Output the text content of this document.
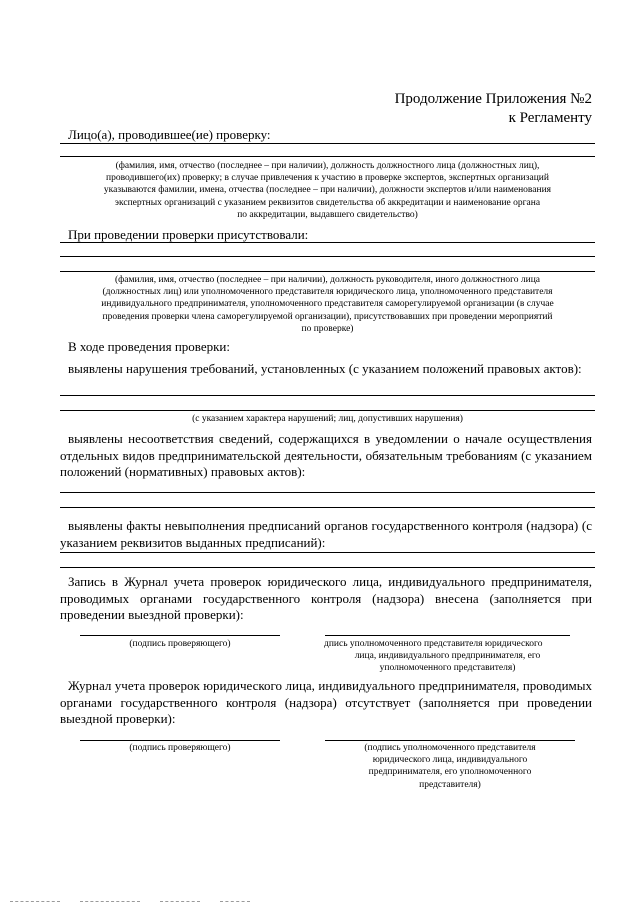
Продолжение Приложения №2
к Регламенту
Лицо(а), проводившее(ие) проверку:
(фамилия, имя, отчество (последнее – при наличии), должность должностного лица (должностных лиц),
проводившего(их) проверку; в случае привлечения к участию в проверке экспертов, экспертных организаций
указываются фамилии, имена, отчества (последнее – при наличии), должности экспертов и/или наименования
экспертных организаций с указанием реквизитов свидетельства об аккредитации и наименование органа
по аккредитации, выдавшего свидетельство)
При проведении проверки присутствовали:
(фамилия, имя, отчество (последнее – при наличии), должность руководителя, иного должностного лица
(должностных лиц) или уполномоченного представителя юридического лица, уполномоченного представителя
индивидуального предпринимателя, уполномоченного представителя саморегулируемой организации (в случае
проведения проверки члена саморегулируемой организации), присутствовавших при проведении мероприятий
по проверке)
В ходе проведения проверки:
выявлены нарушения требований, установленных (с указанием положений правовых актов):
(с указанием характера нарушений; лиц, допустивших нарушения)
выявлены несоответствия сведений, содержащихся в уведомлении о начале осуществления отдельных видов предпринимательской деятельности, обязательным требованиям (с указанием положений (нормативных) правовых актов):
выявлены факты невыполнения предписаний органов государственного контроля (надзора) (с указанием реквизитов выданных предписаний):
Запись в Журнал учета проверок юридического лица, индивидуального предпринимателя, проводимых органами государственного контроля (надзора) внесена (заполняется при проведении выездной проверки):
(подпись проверяющего)	дпись уполномоченного представителя юридического
лица, индивидуального предпринимателя, его
уполномоченного представителя)
Журнал учета проверок юридического лица, индивидуального предпринимателя, проводимых органами государственного контроля (надзора) отсутствует (заполняется при проведении выездной проверки):
(подпись проверяющего)	(подпись уполномоченного представителя
юридического лица, индивидуального
предпринимателя, его уполномоченного
представителя)
